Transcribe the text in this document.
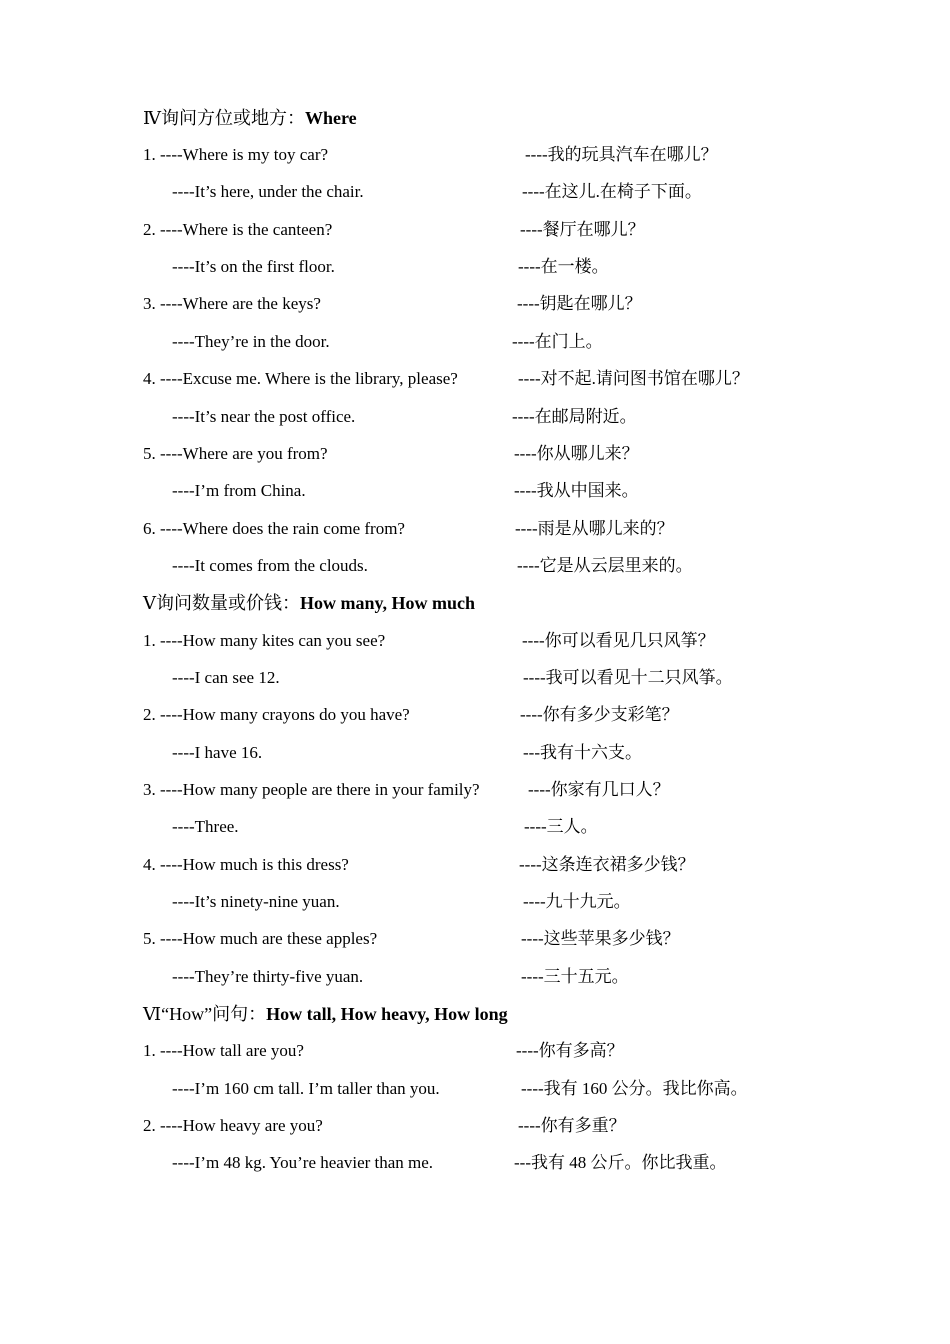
Ⅳ询问方位或地方：Where
1. ----Where is my toy car?	----我的玩具汽车在哪儿？
----It’s here, under the chair.	----在这儿.在椅子下面。
2. ----Where is the canteen?	----餐厅在哪儿？
----It’s on the first floor.	----在一楼。
3. ----Where are the keys?	----钥匙在哪儿？
----They’re in the door.	----在门上。
4. ----Excuse me. Where is the library, please?	----对不起.请问图书馆在哪儿？
----It’s near the post office.	----在邮局附近。
5. ----Where are you from?	----你从哪儿来？
----I’m from China.	----我从中国来。
6. ----Where does the rain come from?	----雨是从哪儿来的？
----It comes from the clouds.	----它是从云层里来的。
Ⅴ询问数量或价钱：How many, How much
1. ----How many kites can you see?	----你可以看见几只风筝？
----I can see 12.	----我可以看见十二只风筝。
2. ----How many crayons do you have?	----你有多少支彩笔？
----I have 16.	---我有十六支。
3. ----How many people are there in your family?	----你家有几口人？
----Three.	----三人。
4. ----How much is this dress?	----这条连衣裙多少钱？
----It’s ninety-nine yuan.	----九十九元。
5. ----How much are these apples?	----这些苹果多少钱？
----They’re thirty-five yuan.	----三十五元。
Ⅵ“How”问句：How tall, How heavy, How long
1. ----How tall are you?	----你有多高？
----I’m 160 cm tall. I’m taller than you.	----我有 160 公分。我比你高。
2. ----How heavy are you?	----你有多重？
----I’m 48 kg. You’re heavier than me.	---我有 48 公斤。你比我重。
